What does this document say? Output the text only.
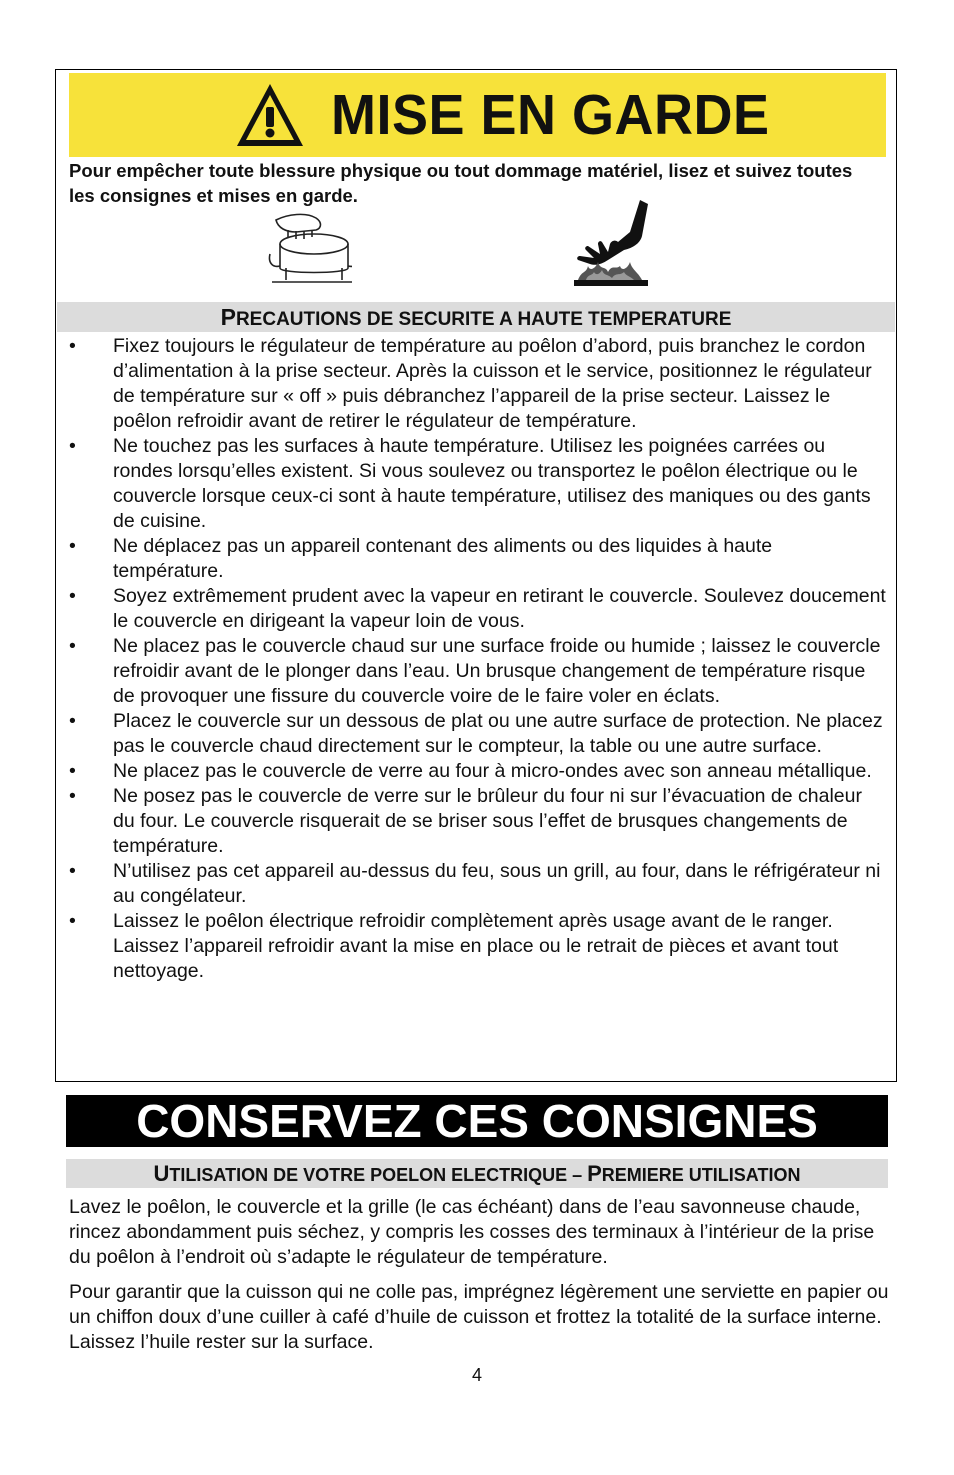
MISE EN GARDE
Pour empêcher toute blessure physique ou tout dommage matériel, lisez et suivez toutes les consignes et mises en garde.
PRECAUTIONS DE SECURITE A HAUTE TEMPERATURE
• Fixez toujours le régulateur de température au poêlon d’abord, puis branchez le cordon d’alimentation à la prise secteur. Après la cuisson et le service, positionnez le régulateur de température sur « off » puis débranchez l’appareil de la prise secteur. Laissez le poêlon refroidir avant de retirer le régulateur de température.
• Ne touchez pas les surfaces à haute température. Utilisez les poignées carrées ou rondes lorsqu’elles existent. Si vous soulevez ou transportez le poêlon électrique ou le couvercle lorsque ceux-ci sont à haute température, utilisez des maniques ou des gants de cuisine.
• Ne déplacez pas un appareil contenant des aliments ou des liquides à haute température.
• Soyez extrêmement prudent avec la vapeur en retirant le couvercle. Soulevez doucement le couvercle en dirigeant la vapeur loin de vous.
• Ne placez pas le couvercle chaud sur une surface froide ou humide ; laissez le couvercle refroidir avant de le plonger dans l’eau. Un brusque changement de température risque de provoquer une fissure du couvercle voire de le faire voler en éclats.
• Placez le couvercle sur un dessous de plat ou une autre surface de protection. Ne placez pas le couvercle chaud directement sur le compteur, la table ou une autre surface.
• Ne placez pas le couvercle de verre au four à micro-ondes avec son anneau métallique.
• Ne posez pas le couvercle de verre sur le brûleur du four ni sur l’évacuation de chaleur du four. Le couvercle risquerait de se briser sous l’effet de brusques changements de température.
• N’utilisez pas cet appareil au-dessus du feu, sous un grill, au four, dans le réfrigérateur ni au congélateur.
• Laissez le poêlon électrique refroidir complètement après usage avant de le ranger. Laissez l’appareil refroidir avant la mise en place ou le retrait de pièces et avant tout nettoyage.
CONSERVEZ CES CONSIGNES
UTILISATION DE VOTRE POELON ELECTRIQUE – PREMIERE UTILISATION
Lavez le poêlon, le couvercle et la grille (le cas échéant) dans de l’eau savonneuse chaude, rincez abondamment puis séchez, y compris les cosses des terminaux à l’intérieur de la prise du poêlon à l’endroit où s’adapte le régulateur de température.
Pour garantir que la cuisson qui ne colle pas, imprégnez légèrement une serviette en papier ou un chiffon doux d’une cuiller à café d’huile de cuisson et frottez la totalité de la surface interne. Laissez l’huile rester sur la surface.
4
